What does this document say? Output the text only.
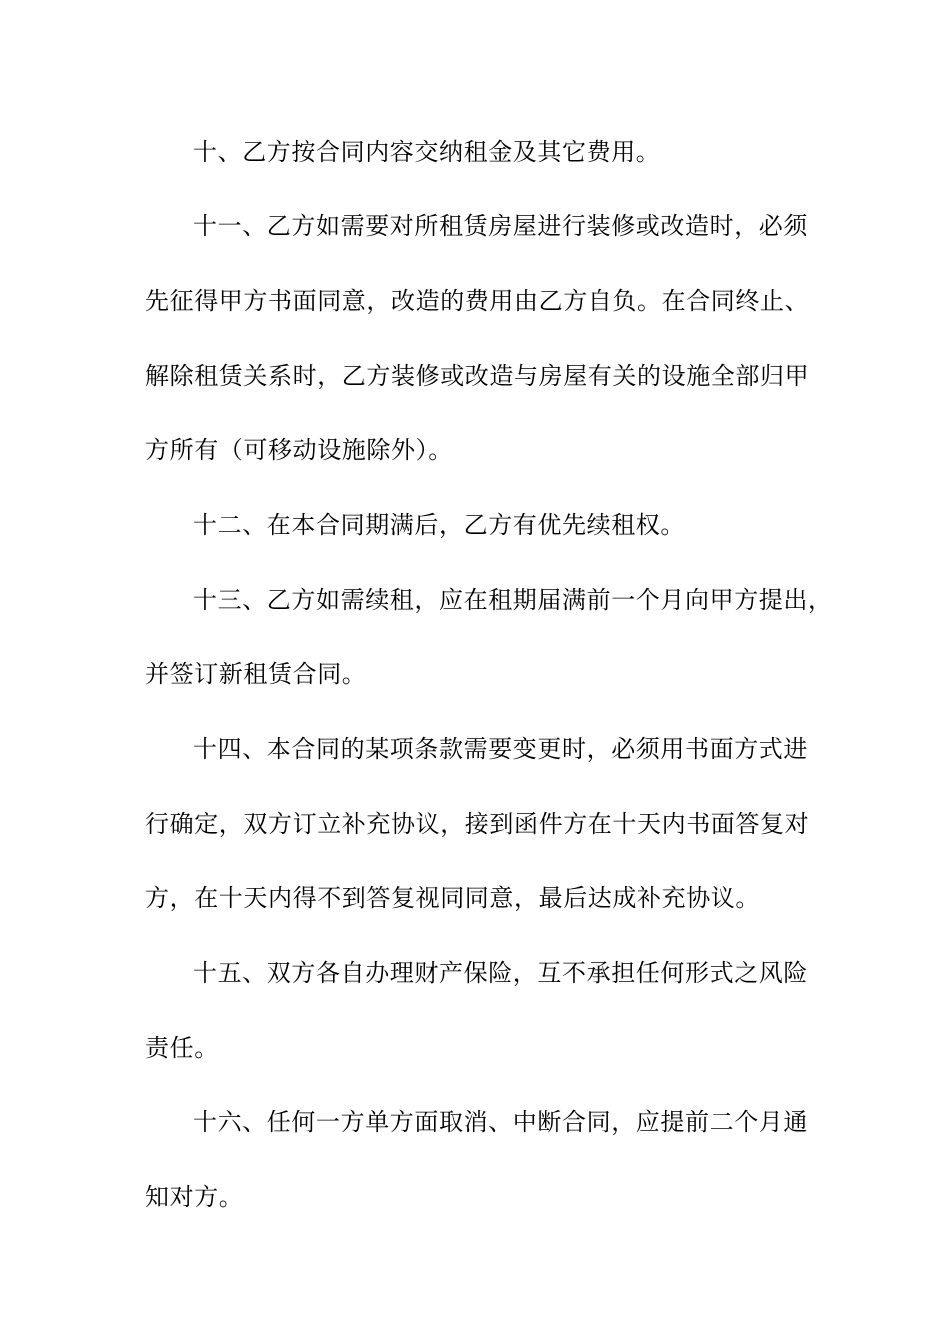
十、乙方按合同内容交纳租金及其它费用。
十一、乙方如需要对所租赁房屋进行装修或改造时，必须
先征得甲方书面同意，改造的费用由乙方自负。在合同终止、
解除租赁关系时，乙方装修或改造与房屋有关的设施全部归甲
方所有（可移动设施除外）。
十二、在本合同期满后，乙方有优先续租权。
十三、乙方如需续租，应在租期届满前一个月向甲方提出，
并签订新租赁合同。
十四、本合同的某项条款需要变更时，必须用书面方式进
行确定，双方订立补充协议，接到函件方在十天内书面答复对
方，在十天内得不到答复视同同意，最后达成补充协议。
十五、双方各自办理财产保险，互不承担任何形式之风险
责任。
十六、任何一方单方面取消、中断合同，应提前二个月通
知对方。
